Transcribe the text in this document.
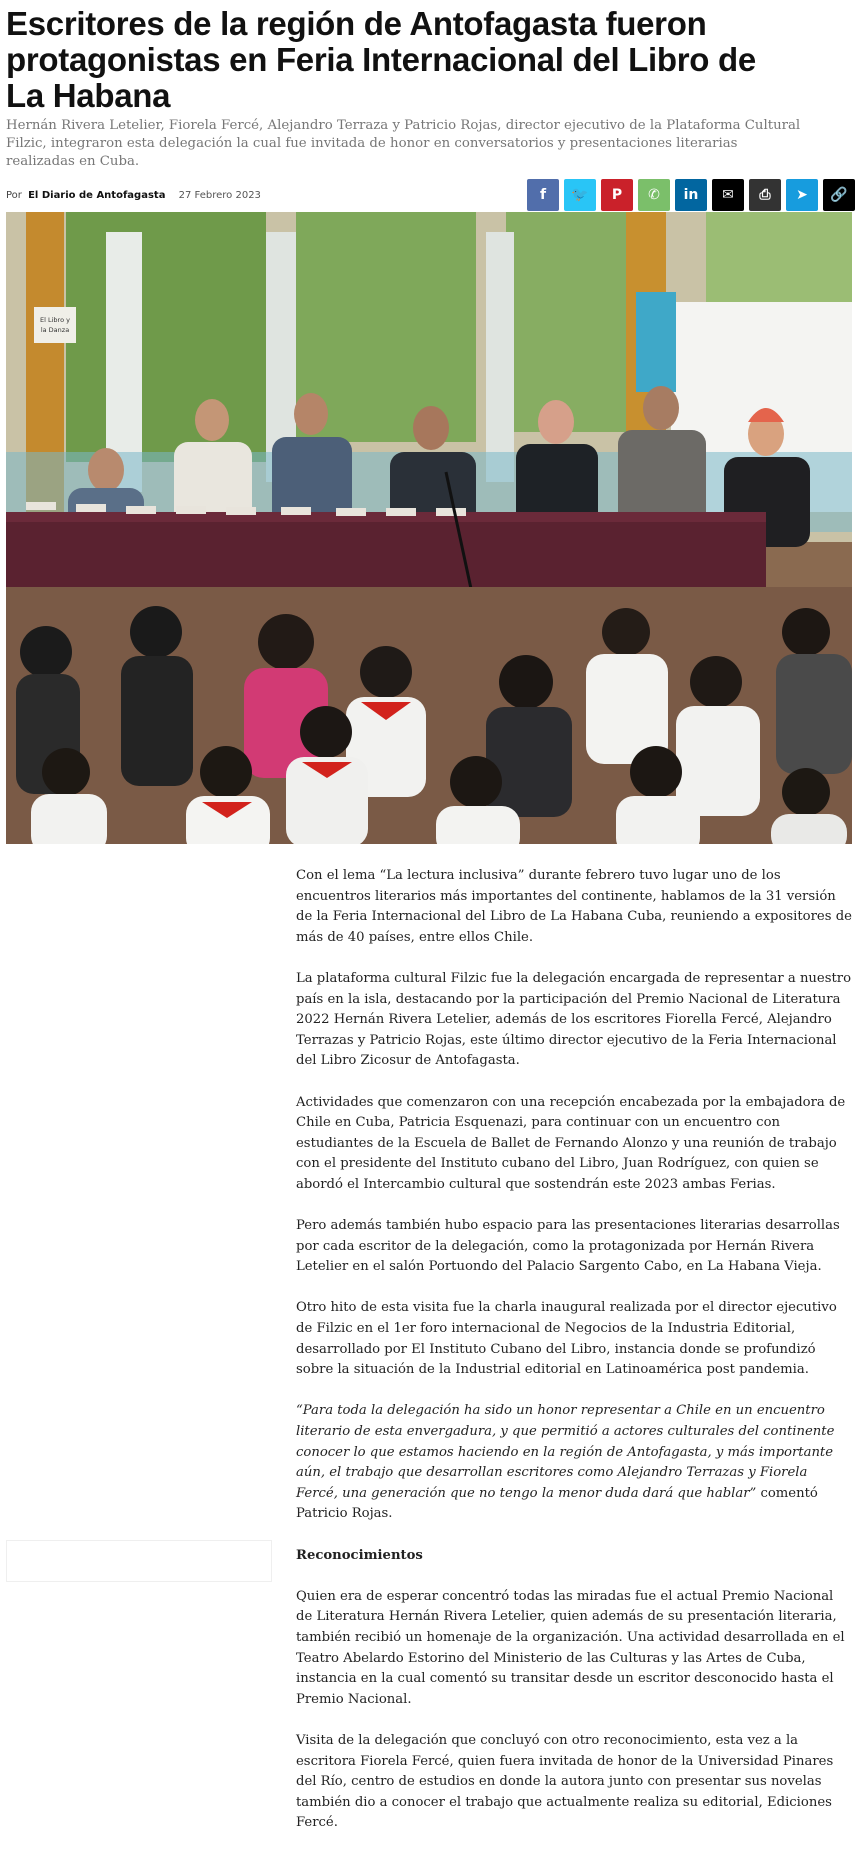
Escritores de la región de Antofagasta fueron protagonistas en Feria Internacional del Libro de La Habana
Hernán Rivera Letelier, Fiorela Fercé, Alejandro Terraza y Patricio Rojas, director ejecutivo de la Plataforma Cultural Filzic, integraron esta delegación la cual fue invitada de honor en conversatorios y presentaciones literarias realizadas en Cuba.
Por El Diario de Antofagasta 27 Febrero 2023	f 🐦 P ✆ in ✉ ⎙ ➤ 🔗
El Libro y
la Danza

Con el lema “La lectura inclusiva” durante febrero tuvo lugar uno de los encuentros literarios más importantes del continente, hablamos de la 31 versión de la Feria Internacional del Libro de La Habana Cuba, reuniendo a expositores de más de 40 países, entre ellos Chile.

La plataforma cultural Filzic fue la delegación encargada de representar a nuestro país en la isla, destacando por la participación del Premio Nacional de Literatura 2022 Hernán Rivera Letelier, además de los escritores Fiorella Fercé, Alejandro Terrazas y Patricio Rojas, este último director ejecutivo de la Feria Internacional del Libro Zicosur de Antofagasta.

Actividades que comenzaron con una recepción encabezada por la embajadora de Chile en Cuba, Patricia Esquenazi, para continuar con un encuentro con estudiantes de la Escuela de Ballet de Fernando Alonzo y una reunión de trabajo con el presidente del Instituto cubano del Libro, Juan Rodríguez, con quien se abordó el Intercambio cultural que sostendrán este 2023 ambas Ferias.

Pero además también hubo espacio para las presentaciones literarias desarrollas por cada escritor de la delegación, como la protagonizada por Hernán Rivera Letelier en el salón Portuondo del Palacio Sargento Cabo, en La Habana Vieja.

Otro hito de esta visita fue la charla inaugural realizada por el director ejecutivo de Filzic en el 1er foro internacional de Negocios de la Industria Editorial, desarrollado por El Instituto Cubano del Libro, instancia donde se profundizó sobre la situación de la Industrial editorial en Latinoamérica post pandemia.

“Para toda la delegación ha sido un honor representar a Chile en un encuentro literario de esta envergadura, y que permitió a actores culturales del continente conocer lo que estamos haciendo en la región de Antofagasta, y más importante aún, el trabajo que desarrollan escritores como Alejandro Terrazas y Fiorela Fercé, una generación que no tengo la menor duda dará que hablar” comentó Patricio Rojas.

Reconocimientos

Quien era de esperar concentró todas las miradas fue el actual Premio Nacional de Literatura Hernán Rivera Letelier, quien además de su presentación literaria, también recibió un homenaje de la organización. Una actividad desarrollada en el Teatro Abelardo Estorino del Ministerio de las Culturas y las Artes de Cuba, instancia en la cual comentó su transitar desde un escritor desconocido hasta el Premio Nacional.

Visita de la delegación que concluyó con otro reconocimiento, esta vez a la escritora Fiorela Fercé, quien fuera invitada de honor de la Universidad Pinares del Río, centro de estudios en donde la autora junto con presentar sus novelas también dio a conocer el trabajo que actualmente realiza su editorial, Ediciones Fercé.
